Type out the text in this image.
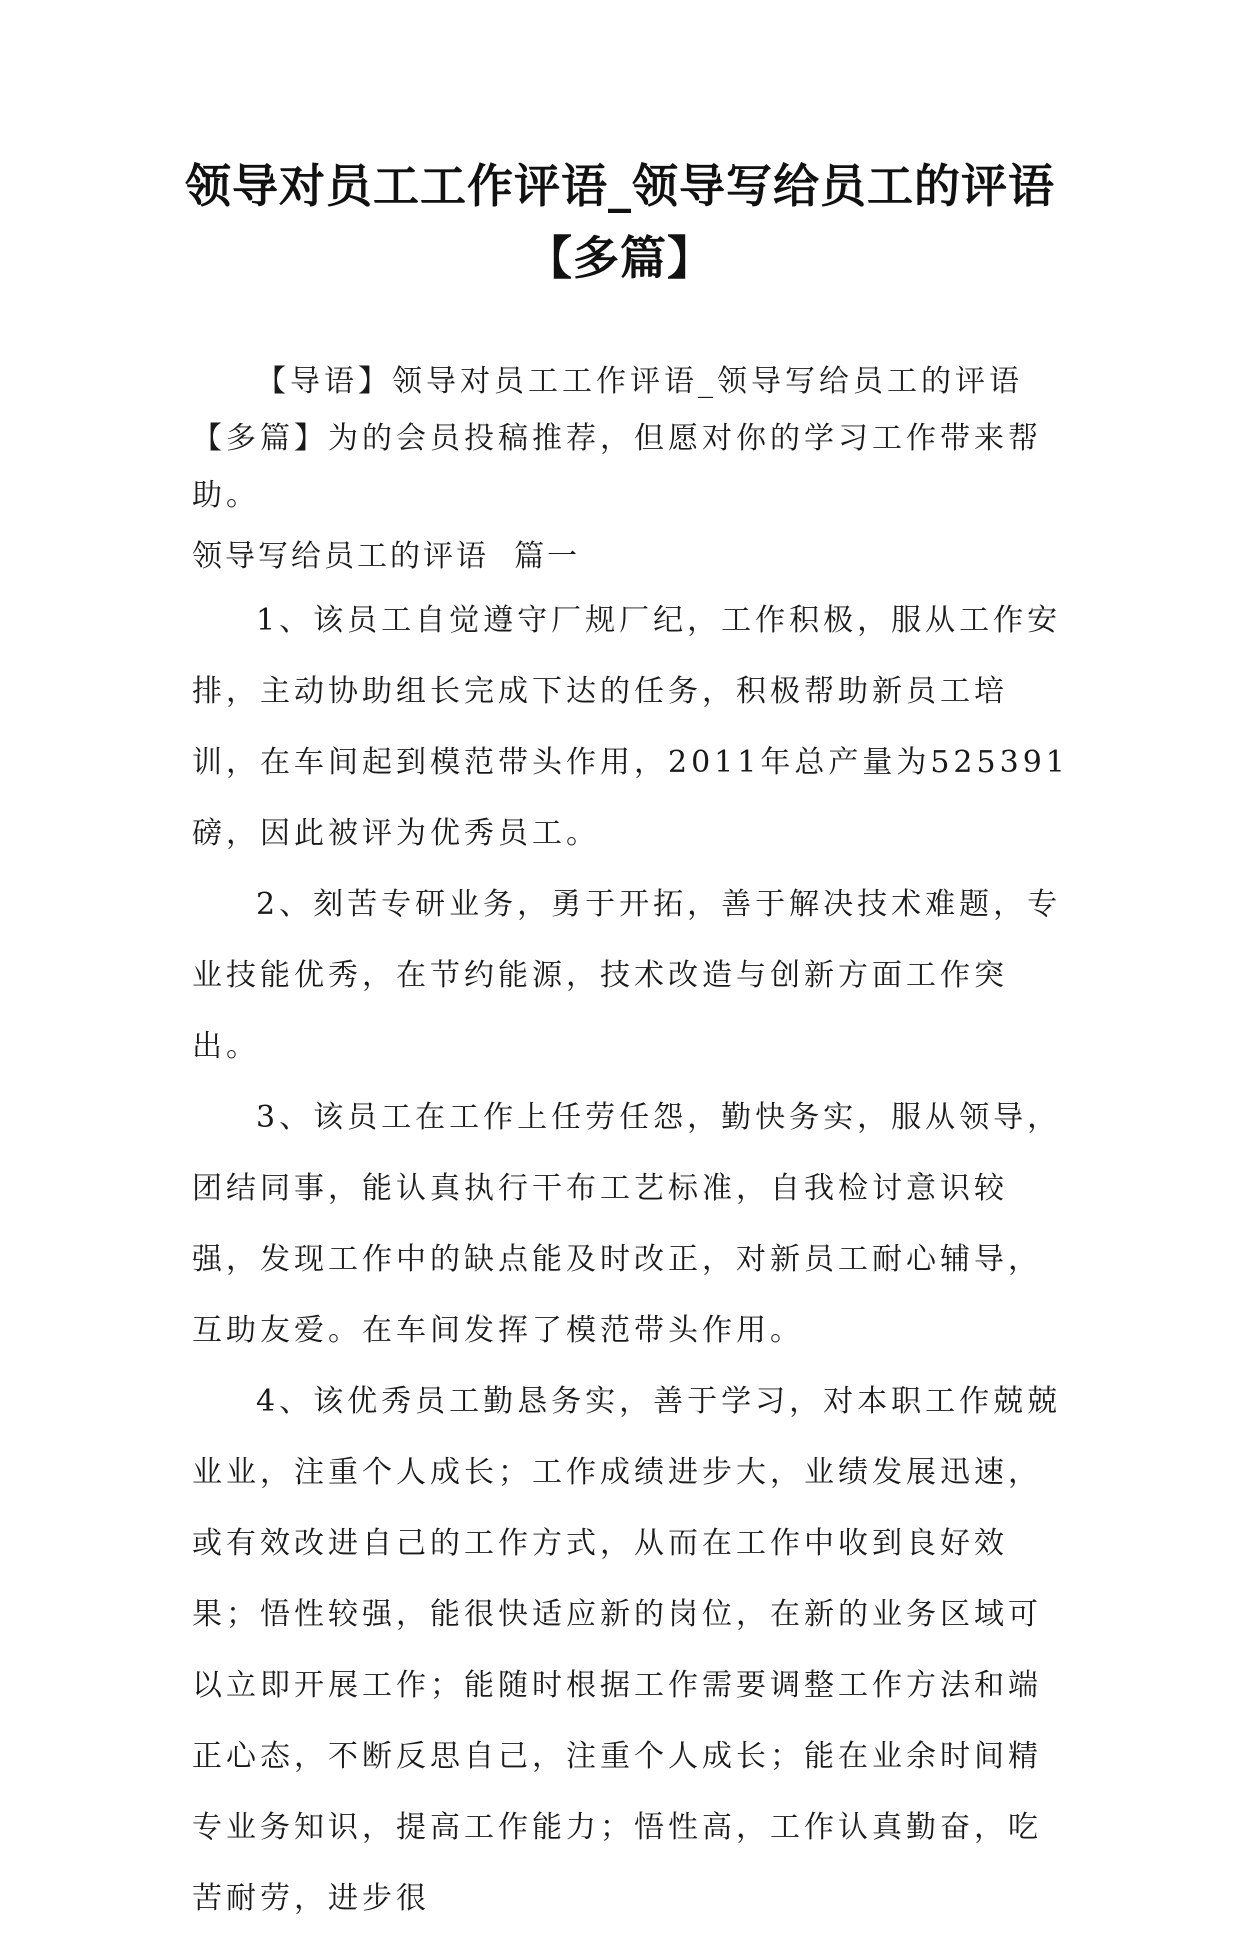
领导对员工工作评语_领导写给员工的评语
【多篇】

【导语】领导对员工工作评语_领导写给员工的评语【多篇】为的会员投稿推荐，但愿对你的学习工作带来帮助。

领导写给员工的评语  篇一

1、该员工自觉遵守厂规厂纪，工作积极，服从工作安排，主动协助组长完成下达的任务，积极帮助新员工培训，在车间起到模范带头作用，2011年总产量为525391磅，因此被评为优秀员工。

2、刻苦专研业务，勇于开拓，善于解决技术难题，专业技能优秀，在节约能源，技术改造与创新方面工作突出。

3、该员工在工作上任劳任怨，勤快务实，服从领导，团结同事，能认真执行干布工艺标准，自我检讨意识较强，发现工作中的缺点能及时改正，对新员工耐心辅导，互助友爱。在车间发挥了模范带头作用。

4、该优秀员工勤恳务实，善于学习，对本职工作兢兢业业，注重个人成长；工作成绩进步大，业绩发展迅速，或有效改进自己的工作方式，从而在工作中收到良好效果；悟性较强，能很快适应新的岗位，在新的业务区域可以立即开展工作；能随时根据工作需要调整工作方法和端正心态，不断反思自己，注重个人成长；能在业余时间精专业务知识，提高工作能力；悟性高，工作认真勤奋，吃苦耐劳，进步很
